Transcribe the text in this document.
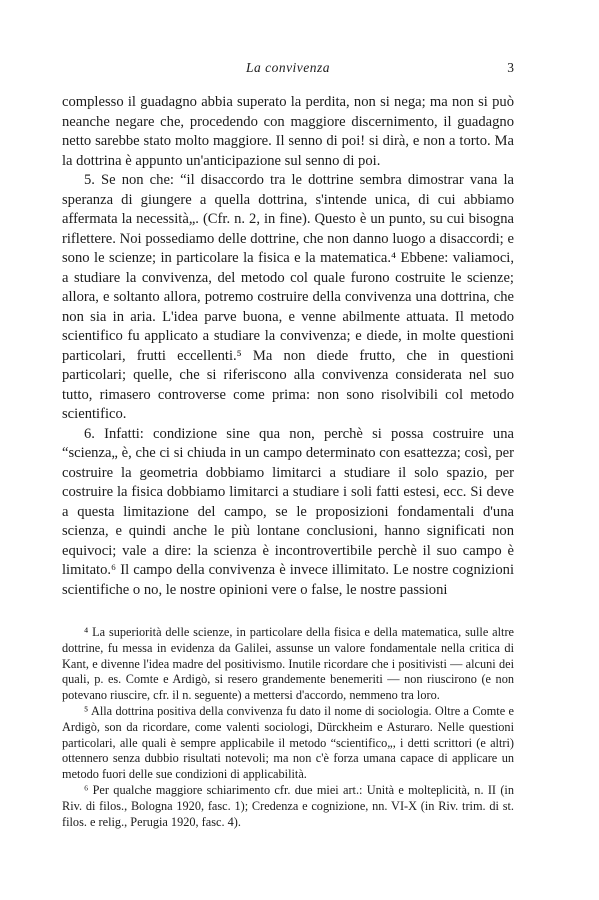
La convivenza	3

complesso il guadagno abbia superato la perdita, non si nega; ma non si può neanche negare che, procedendo con maggiore discernimento, il guadagno netto sarebbe stato molto maggiore. Il senno di poi! si dirà, e non a torto. Ma la dottrina è appunto un'anticipazione sul senno di poi.

5. Se non che: “il disaccordo tra le dottrine sembra dimostrar vana la speranza di giungere a quella dottrina, s'intende unica, di cui abbiamo affermata la necessità„. (Cfr. n. 2, in fine). Questo è un punto, su cui bisogna riflettere. Noi possediamo delle dottrine, che non danno luogo a disaccordi; e sono le scienze; in particolare la fisica e la matematica.⁴ Ebbene: valiamoci, a studiare la convivenza, del metodo col quale furono costruite le scienze; allora, e soltanto allora, potremo costruire della convivenza una dottrina, che non sia in aria. L'idea parve buona, e venne abilmente attuata. Il metodo scientifico fu applicato a studiare la convivenza; e diede, in molte questioni particolari, frutti eccellenti.⁵ Ma non diede frutto, che in questioni particolari; quelle, che si riferiscono alla convivenza considerata nel suo tutto, rimasero controverse come prima: non sono risolvibili col metodo scientifico.

6. Infatti: condizione sine qua non, perchè si possa costruire una “scienza„ è, che ci si chiuda in un campo determinato con esattezza; così, per costruire la geometria dobbiamo limitarci a studiare il solo spazio, per costruire la fisica dobbiamo limitarci a studiare i soli fatti estesi, ecc. Si deve a questa limitazione del campo, se le proposizioni fondamentali d'una scienza, e quindi anche le più lontane conclusioni, hanno significati non equivoci; vale a dire: la scienza è incontrovertibile perchè il suo campo è limitato.⁶ Il campo della convivenza è invece illimitato. Le nostre cognizioni scientifiche o no, le nostre opinioni vere o false, le nostre passioni

⁴ La superiorità delle scienze, in particolare della fisica e della matematica, sulle altre dottrine, fu messa in evidenza da Galilei, assunse un valore fondamentale nella critica di Kant, e divenne l'idea madre del positivismo. Inutile ricordare che i positivisti — alcuni dei quali, p. es. Comte e Ardigò, si resero grandemente benemeriti — non riuscirono (e non potevano riuscire, cfr. il n. seguente) a mettersi d'accordo, nemmeno tra loro.

⁵ Alla dottrina positiva della convivenza fu dato il nome di sociologia. Oltre a Comte e Ardigò, son da ricordare, come valenti sociologi, Dürckheim e Asturaro. Nelle questioni particolari, alle quali è sempre applicabile il metodo “scientifico„, i detti scrittori (e altri) ottennero senza dubbio risultati notevoli; ma non c'è forza umana capace di applicare un metodo fuori delle sue condizioni di applicabilità.

⁶ Per qualche maggiore schiarimento cfr. due miei art.: Unità e molteplicità, n. II (in Riv. di filos., Bologna 1920, fasc. 1); Credenza e cognizione, nn. VI-X (in Riv. trim. di st. filos. e relig., Perugia 1920, fasc. 4).
